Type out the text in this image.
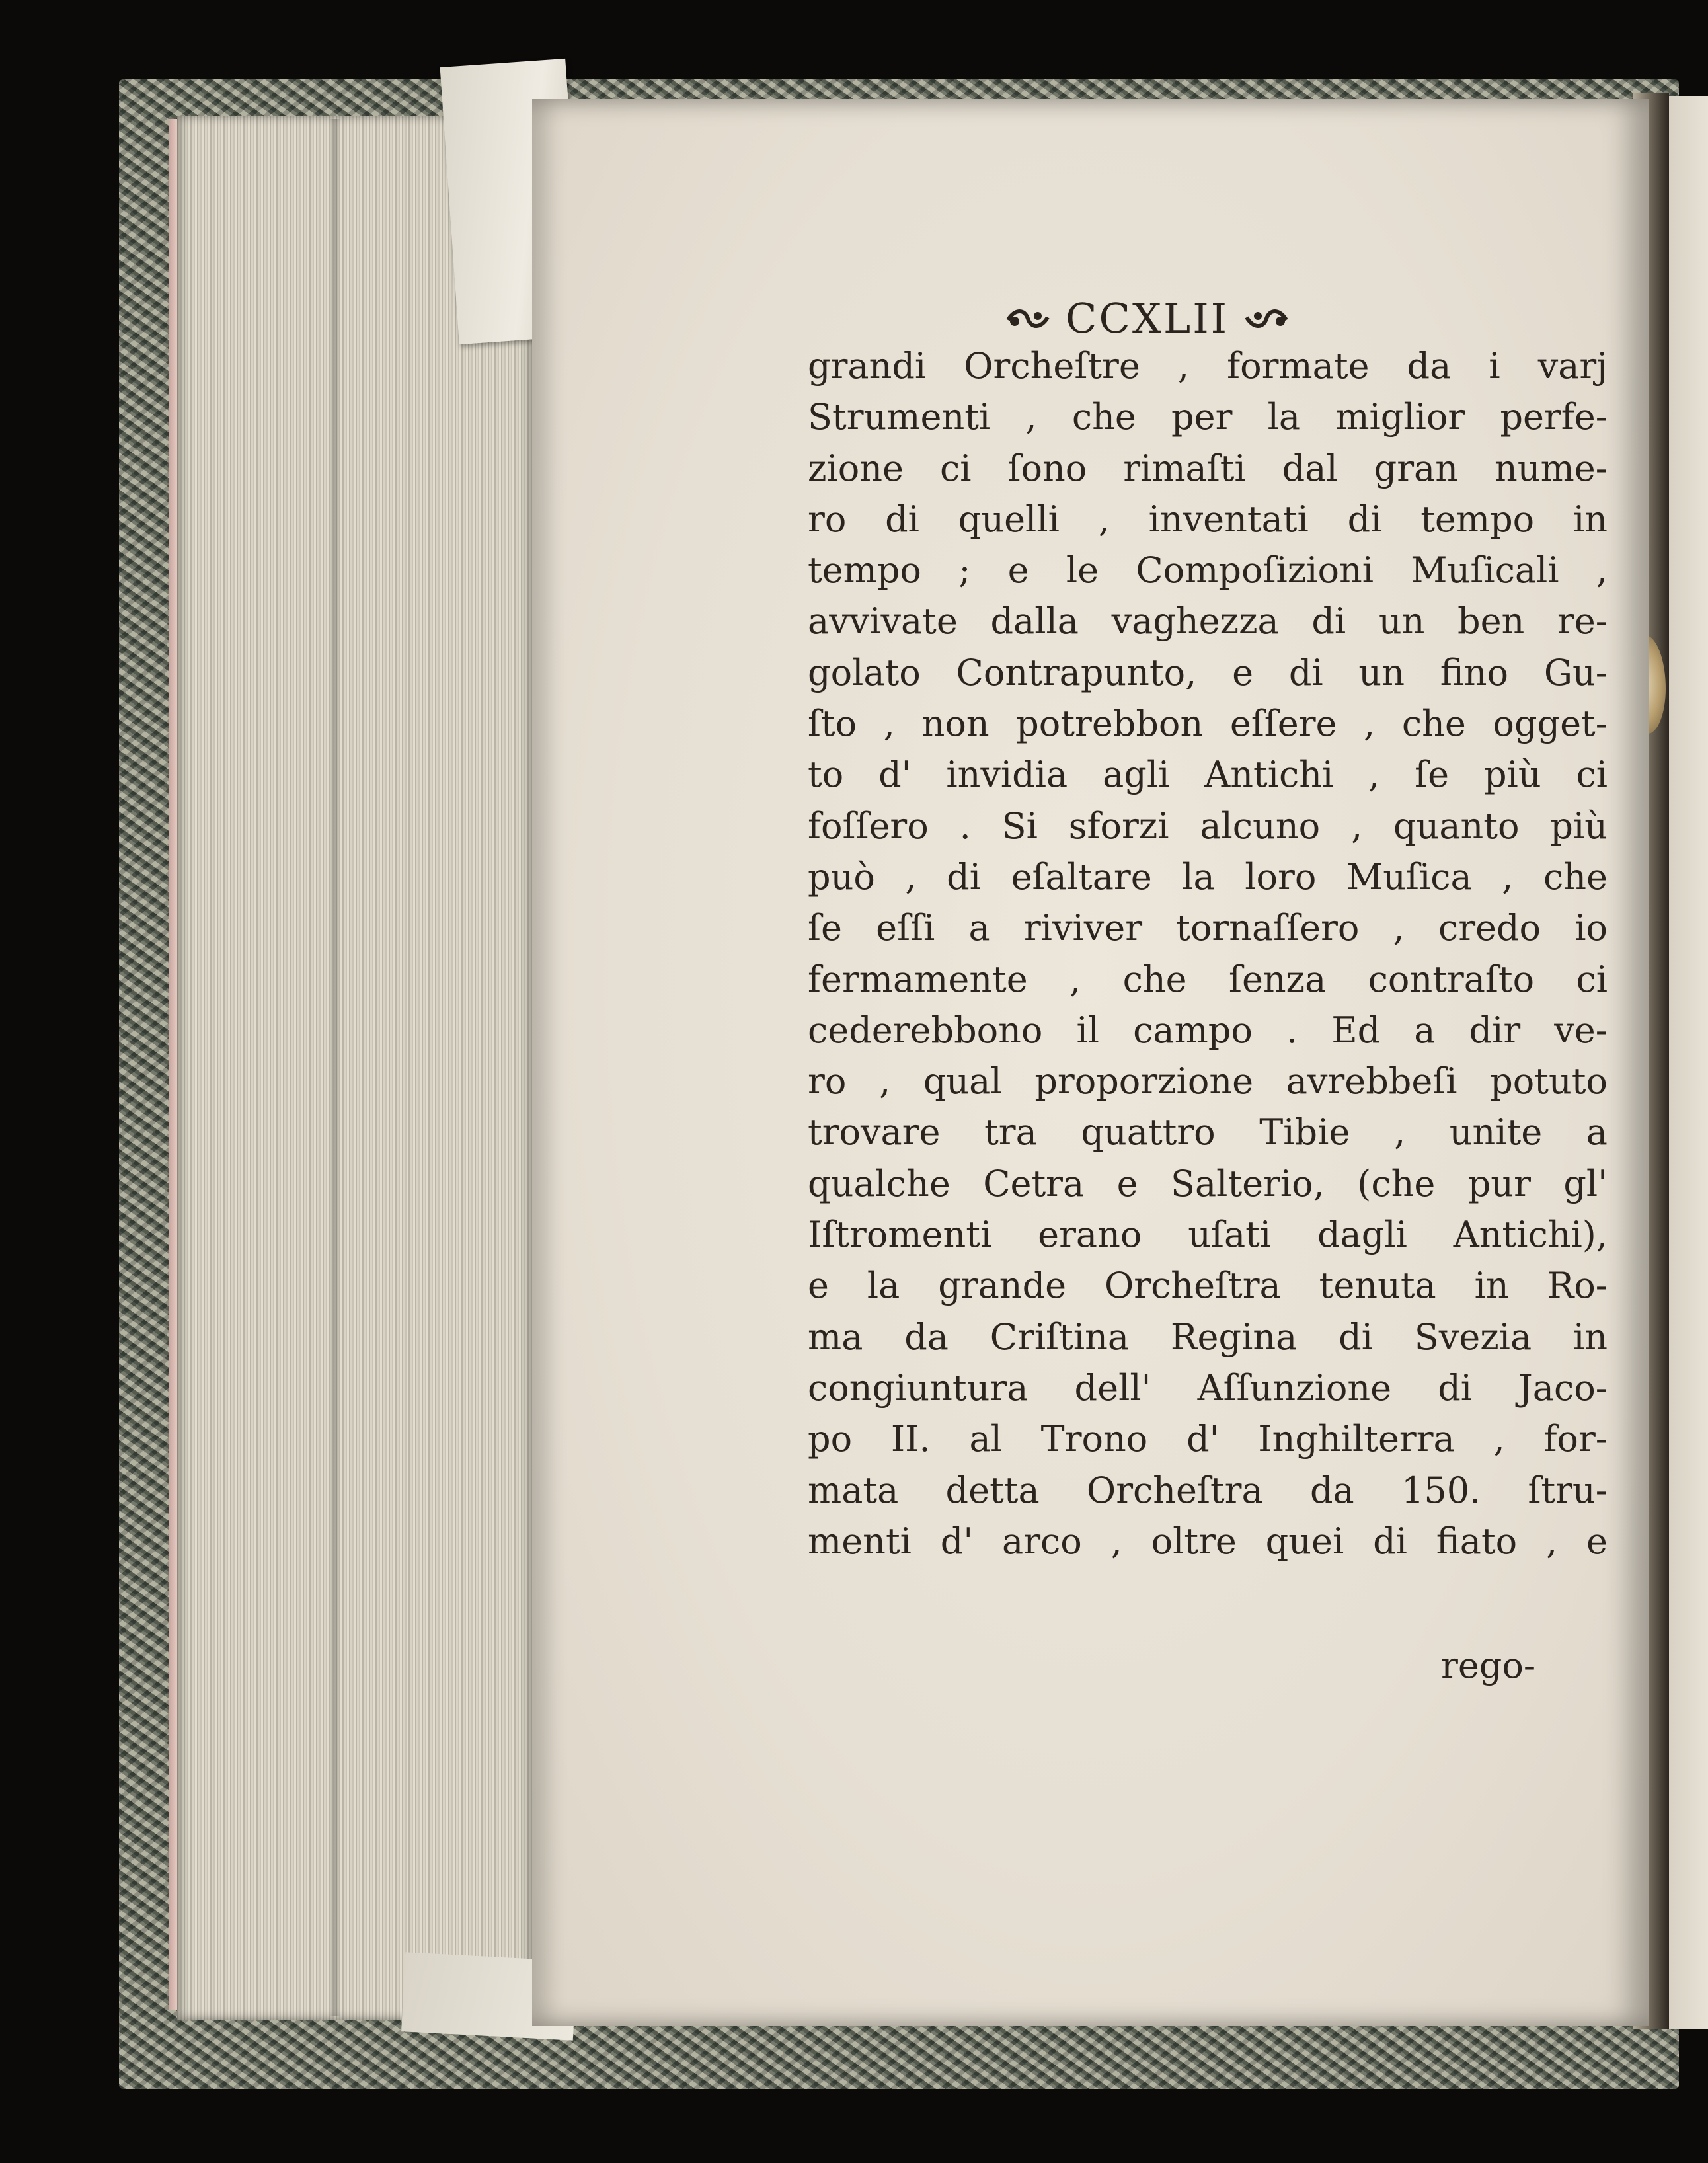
CCXLII
grandi Orcheſtre , formate da i varj
Strumenti , che per la miglior perfe-
zione ci ſono rimaſti dal gran nume-
ro di quelli , inventati di tempo in
tempo ; e le Compoſizioni Muſicali ,
avvivate dalla vaghezza di un ben re-
golato Contrapunto, e di un fino Gu-
ſto , non potrebbon eſſere , che ogget-
to d' invidia agli Antichi , ſe più ci
foſſero . Si sforzi alcuno , quanto più
può , di eſaltare la loro Muſica , che
ſe eſſi a riviver tornaſſero , credo io
fermamente , che ſenza contraſto ci
cederebbono il campo . Ed a dir ve-
ro , qual proporzione avrebbeſi potuto
trovare tra quattro Tibie , unite a
qualche Cetra e Salterio, (che pur gl'
Iſtromenti erano uſati dagli Antichi),
e la grande Orcheſtra tenuta in Ro-
ma da Criſtina Regina di Svezia in
congiuntura dell' Aſſunzione di Jaco-
po II. al Trono d' Inghilterra , for-
mata detta Orcheſtra da 150. ſtru-
menti d' arco , oltre quei di fiato , e
rego-
